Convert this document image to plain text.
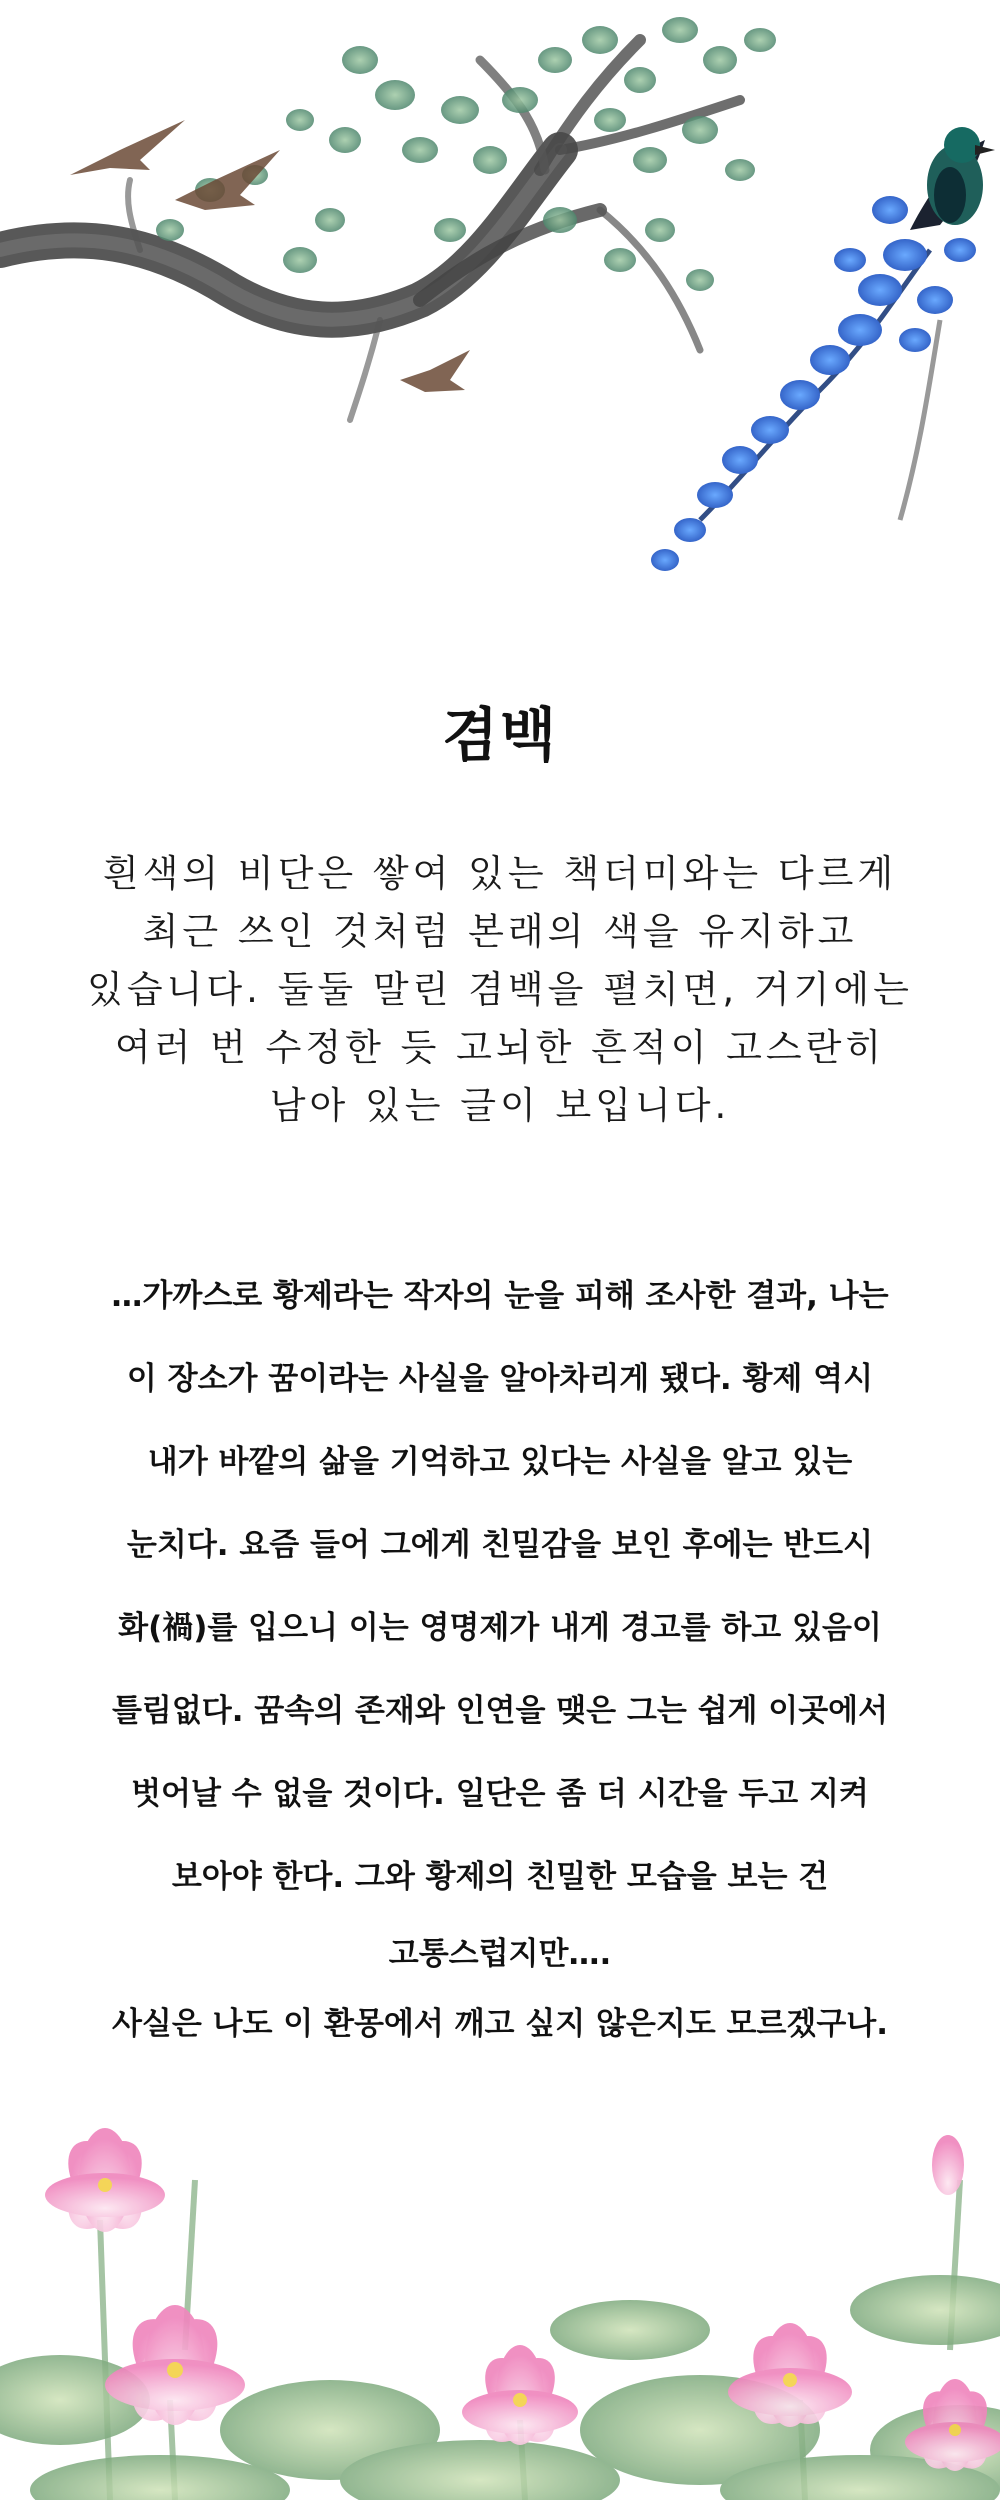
겸백
흰색의 비단은 쌓여 있는 책더미와는 다르게
최근 쓰인 것처럼 본래의 색을 유지하고
있습니다. 둘둘 말린 겸백을 펼치면, 거기에는
여러 번 수정한 듯 고뇌한 흔적이 고스란히
남아 있는 글이 보입니다.
…가까스로 황제라는 작자의 눈을 피해 조사한 결과, 나는
이 장소가 꿈이라는 사실을 알아차리게 됐다. 황제 역시
내가 바깥의 삶을 기억하고 있다는 사실을 알고 있는
눈치다. 요즘 들어 그에게 친밀감을 보인 후에는 반드시
화(禍)를 입으니 이는 영명제가 내게 경고를 하고 있음이
틀림없다. 꿈속의 존재와 인연을 맺은 그는 쉽게 이곳에서
벗어날 수 없을 것이다. 일단은 좀 더 시간을 두고 지켜
보아야 한다. 그와 황제의 친밀한 모습을 보는 건
고통스럽지만….
사실은 나도 이 환몽에서 깨고 싶지 않은지도 모르겠구나.
